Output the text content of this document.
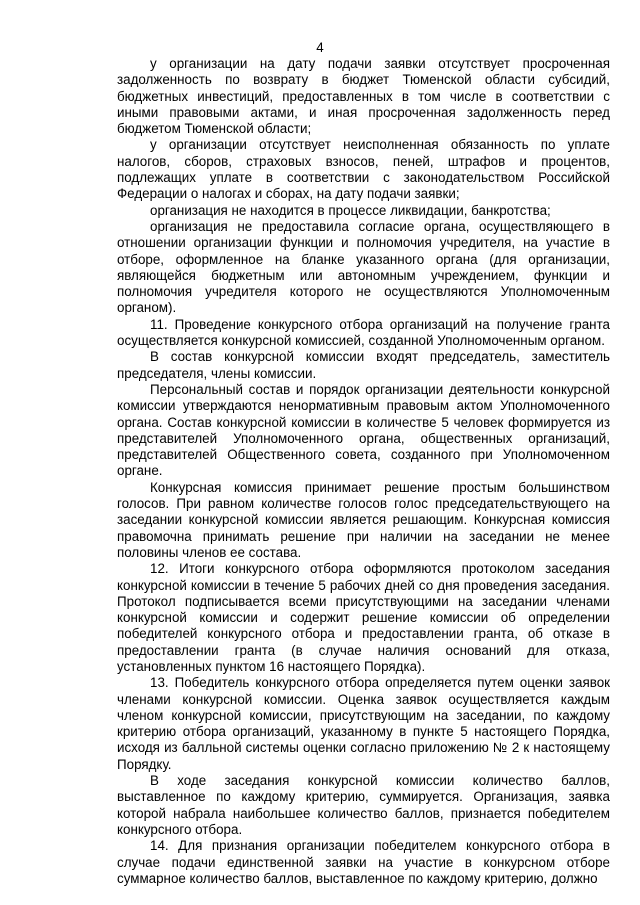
4

у организации на дату подачи заявки отсутствует просроченная задолженность по возврату в бюджет Тюменской области субсидий, бюджетных инвестиций, предоставленных в том числе в соответствии с иными правовыми актами, и иная просроченная задолженность перед бюджетом Тюменской области;

у организации отсутствует неисполненная обязанность по уплате налогов, сборов, страховых взносов, пеней, штрафов и процентов, подлежащих уплате в соответствии с законодательством Российской Федерации о налогах и сборах, на дату подачи заявки;

организация не находится в процессе ликвидации, банкротства;

организация не предоставила согласие органа, осуществляющего в отношении организации функции и полномочия учредителя, на участие в отборе, оформленное на бланке указанного органа (для организации, являющейся бюджетным или автономным учреждением, функции и полномочия учредителя которого не осуществляются Уполномоченным органом).

11. Проведение конкурсного отбора организаций на получение гранта осуществляется конкурсной комиссией, созданной Уполномоченным органом.

В состав конкурсной комиссии входят председатель, заместитель председателя, члены комиссии.

Персональный состав и порядок организации деятельности конкурсной комиссии утверждаются ненормативным правовым актом Уполномоченного органа. Состав конкурсной комиссии в количестве 5 человек формируется из представителей Уполномоченного органа, общественных организаций, представителей Общественного совета, созданного при Уполномоченном органе.

Конкурсная комиссия принимает решение простым большинством голосов. При равном количестве голосов голос председательствующего на заседании конкурсной комиссии является решающим. Конкурсная комиссия правомочна принимать решение при наличии на заседании не менее половины членов ее состава.

12. Итоги конкурсного отбора оформляются протоколом заседания конкурсной комиссии в течение 5 рабочих дней со дня проведения заседания. Протокол подписывается всеми присутствующими на заседании членами конкурсной комиссии и содержит решение комиссии об определении победителей конкурсного отбора и предоставлении гранта, об отказе в предоставлении гранта (в случае наличия оснований для отказа, установленных пунктом 16 настоящего Порядка).

13. Победитель конкурсного отбора определяется путем оценки заявок членами конкурсной комиссии. Оценка заявок осуществляется каждым членом конкурсной комиссии, присутствующим на заседании, по каждому критерию отбора организаций, указанному в пункте 5 настоящего Порядка, исходя из балльной системы оценки согласно приложению № 2 к настоящему Порядку.

В ходе заседания конкурсной комиссии количество баллов, выставленное по каждому критерию, суммируется. Организация, заявка которой набрала наибольшее количество баллов, признается победителем конкурсного отбора.

14. Для признания организации победителем конкурсного отбора в случае подачи единственной заявки на участие в конкурсном отборе суммарное количество баллов, выставленное по каждому критерию, должно
